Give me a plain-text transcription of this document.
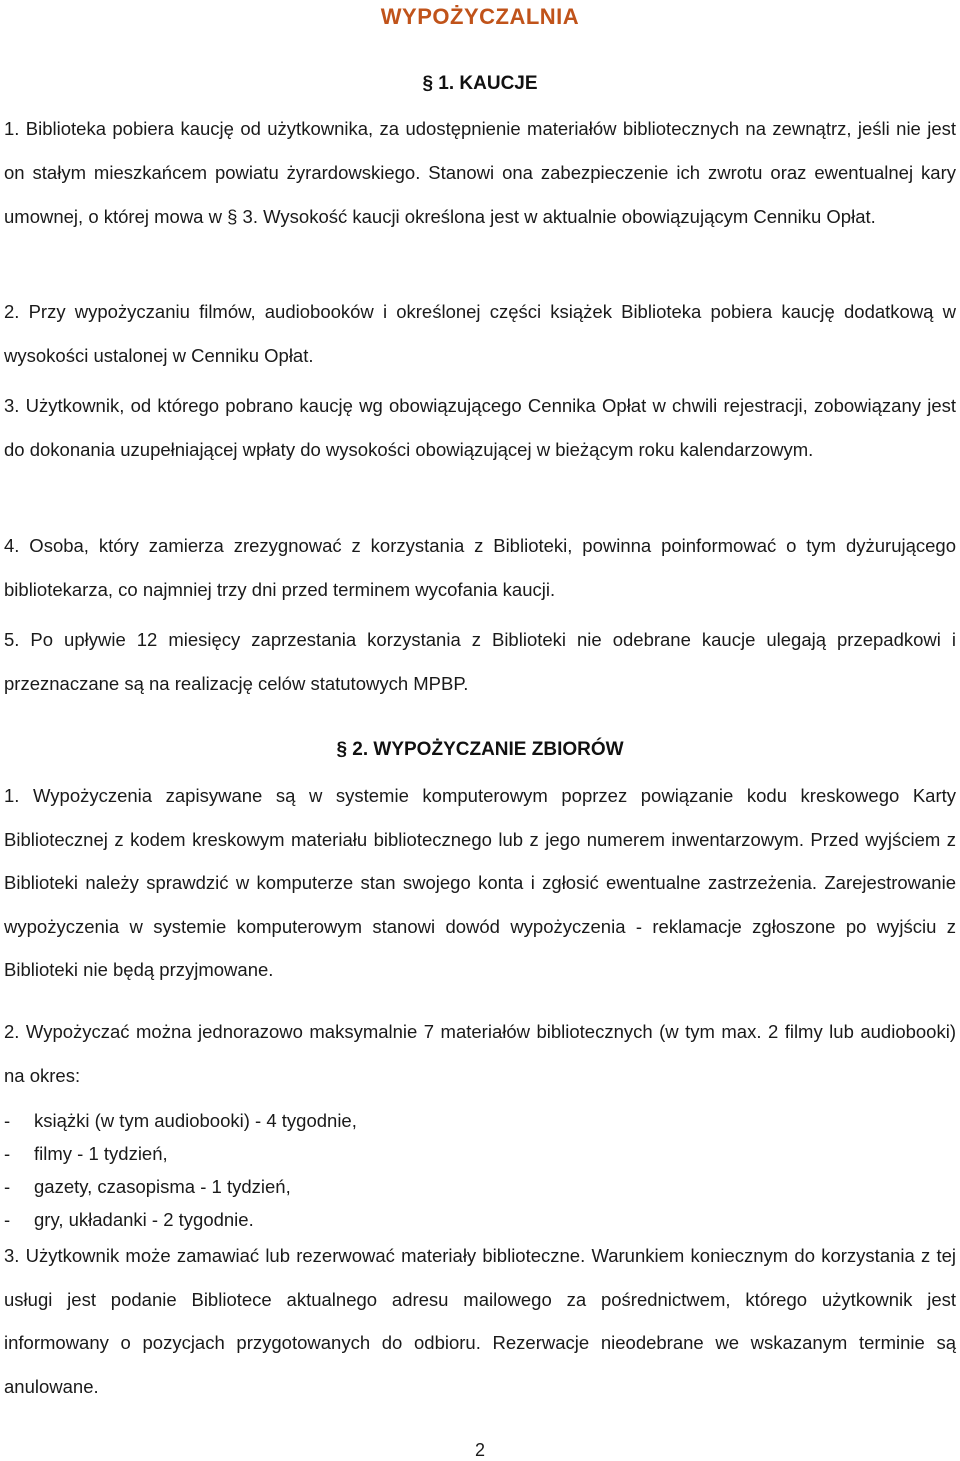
WYPOŻYCZALNIA
§ 1. KAUCJE

1. Biblioteka pobiera kaucję od użytkownika, za udostępnienie materiałów bibliotecznych na zewnątrz, jeśli nie jest on stałym mieszkańcem powiatu żyrardowskiego. Stanowi ona zabezpieczenie ich zwrotu oraz ewentualnej kary umownej, o której mowa w § 3. Wysokość kaucji określona jest w aktualnie obowiązującym Cenniku Opłat.

2. Przy wypożyczaniu filmów, audiobooków i określonej części książek Biblioteka pobiera kaucję dodatkową w wysokości ustalonej w Cenniku Opłat.

3. Użytkownik, od którego pobrano kaucję wg obowiązującego Cennika Opłat w chwili rejestracji, zobowiązany jest do dokonania uzupełniającej wpłaty do wysokości obowiązującej w bieżącym roku kalendarzowym.

4. Osoba, który zamierza zrezygnować z korzystania z Biblioteki, powinna poinformować o tym dyżurującego bibliotekarza, co najmniej trzy dni przed terminem wycofania kaucji.

5. Po upływie 12 miesięcy zaprzestania korzystania z Biblioteki nie odebrane kaucje ulegają przepadkowi i przeznaczane są na realizację celów statutowych MPBP.

§ 2. WYPOŻYCZANIE ZBIORÓW

1. Wypożyczenia zapisywane są w systemie komputerowym poprzez powiązanie kodu kreskowego Karty Bibliotecznej z kodem kreskowym materiału bibliotecznego lub z jego numerem inwentarzowym. Przed wyjściem z Biblioteki należy sprawdzić w komputerze stan swojego konta i zgłosić ewentualne zastrzeżenia. Zarejestrowanie wypożyczenia w systemie komputerowym stanowi dowód wypożyczenia - reklamacje zgłoszone po wyjściu z Biblioteki nie będą przyjmowane.

2. Wypożyczać można jednorazowo maksymalnie 7 materiałów bibliotecznych (w tym max. 2 filmy lub audiobooki) na okres:

- książki (w tym audiobooki) - 4 tygodnie,
- filmy - 1 tydzień,
- gazety, czasopisma - 1 tydzień,
- gry, układanki - 2 tygodnie.

3. Użytkownik może zamawiać lub rezerwować materiały biblioteczne. Warunkiem koniecznym do korzystania z tej usługi jest podanie Bibliotece aktualnego adresu mailowego za pośrednictwem, którego użytkownik jest informowany o pozycjach przygotowanych do odbioru. Rezerwacje nieodebrane we wskazanym terminie są anulowane.

2
